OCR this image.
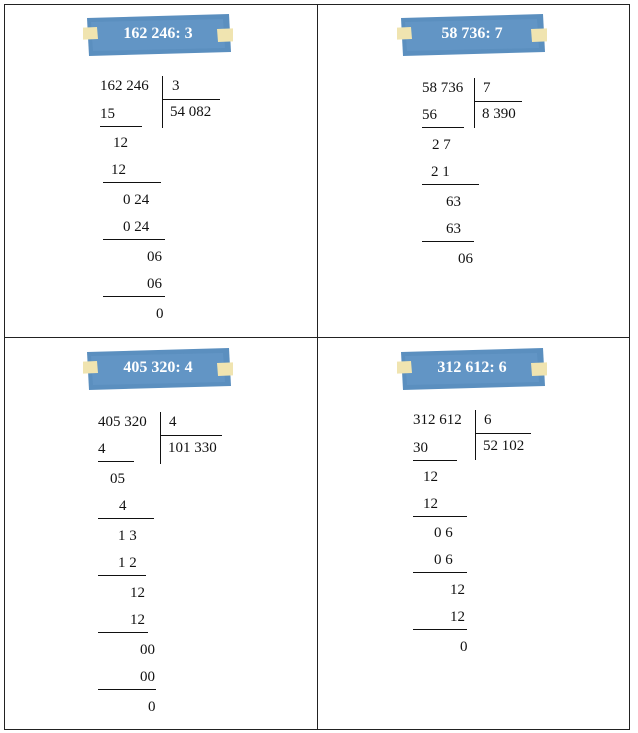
162 246: 3
162 246 3
54 082
15
12
12
0 24
0 24
06
06
0
58 736: 7
58 736 7
8 390
56
2 7
2 1
63
63
06
405 320: 4
405 320 4
101 330
4
05
4
1 3
1 2
12
12
00
00
0
312 612: 6
312 612 6
52 102
30
12
12
0 6
0 6
12
12
0
